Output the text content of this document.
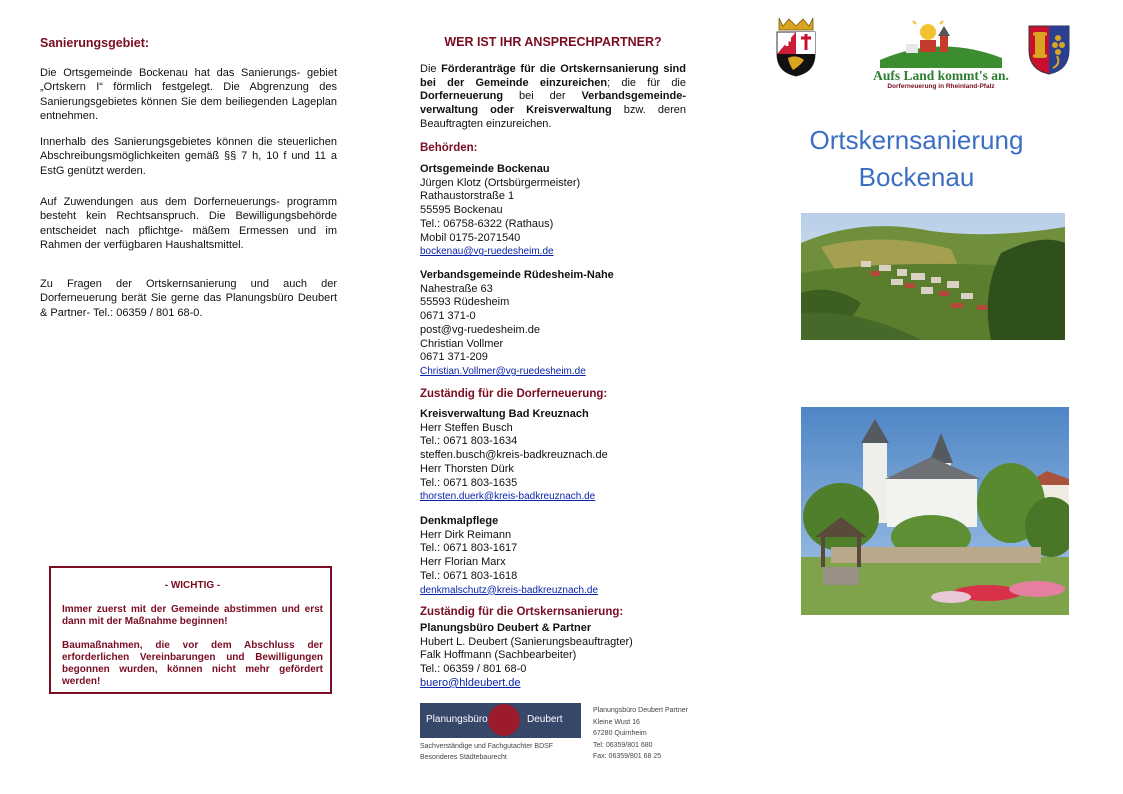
Sanierungsgebiet:
Die Ortsgemeinde Bockenau hat das Sanierungs- gebiet „Ortskern I“ förmlich festgelegt. Die Abgrenzung des Sanierungsgebietes können Sie dem beiliegenden Lageplan entnehmen.
Innerhalb des Sanierungsgebietes können die steuerlichen Abschreibungsmöglichkeiten gemäß §§ 7 h, 10 f und 11 a EstG genützt werden.
Auf Zuwendungen aus dem Dorferneuerungs- programm besteht kein Rechtsanspruch. Die Bewilligungsbehörde entscheidet nach pflichtge- mäßem Ermessen und im Rahmen der verfügbaren Haushaltsmittel.
Zu Fragen der Ortskernsanierung und auch der Dorferneuerung berät Sie gerne das Planungsbüro Deubert & Partner- Tel.: 06359 / 801 68-0.
- WICHTIG -
Immer zuerst mit der Gemeinde abstimmen und erst dann mit der Maßnahme beginnen!
Baumaßnahmen, die vor dem Abschluss der erforderlichen Vereinbarungen und Bewilligungen begonnen wurden, können nicht mehr gefördert werden!
WER IST IHR ANSPRECHPARTNER?
Die Förderanträge für die Ortskernsanierung sind bei der Gemeinde einzureichen; die für die Dorferneuerung bei der Verbandsgemeinde- verwaltung oder Kreisverwaltung bzw. deren Beauftragten einzureichen.
Behörden:
Ortsgemeinde Bockenau
Jürgen Klotz (Ortsbürgermeister)
Rathaustorstraße 1
55595 Bockenau
Tel.: 06758-6322 (Rathaus)
Mobil 0175-2071540
bockenau@vg-ruedesheim.de
Verbandsgemeinde Rüdesheim-Nahe
Nahestraße 63
55593 Rüdesheim
0671 371-0
post@vg-ruedesheim.de
Christian Vollmer
0671 371-209
Christian.Vollmer@vg-ruedesheim.de
Zuständig für die Dorferneuerung:
Kreisverwaltung Bad Kreuznach
Herr Steffen Busch
Tel.: 0671 803-1634
steffen.busch@kreis-badkreuznach.de
Herr Thorsten Dürk
Tel.: 0671 803-1635
thorsten.duerk@kreis-badkreuznach.de
Denkmalpflege
Herr Dirk Reimann
Tel.: 0671 803-1617
Herr Florian Marx
Tel.: 0671 803-1618
denkmalschutz@kreis-badkreuznach.de
Zuständig für die Ortskernsanierung:
Planungsbüro Deubert & Partner
Hubert L. Deubert (Sanierungsbeauftragter)
Falk Hoffmann (Sachbearbeiter)
Tel.: 06359 / 801 68-0
buero@hldeubert.de
Planungsbüro	Deubert
Sachverständige und Fachgutachter BDSF
Besonderes Städtebaurecht
Planungsbüro Deubert Partner
Kleine Wust 16
67280 Quirnheim
Tel: 06359/801 680
Fax: 06359/801 68 25
Aufs Land kommt's an.
Dorferneuerung in Rheinland-Pfalz
Ortskernsanierung
Bockenau
